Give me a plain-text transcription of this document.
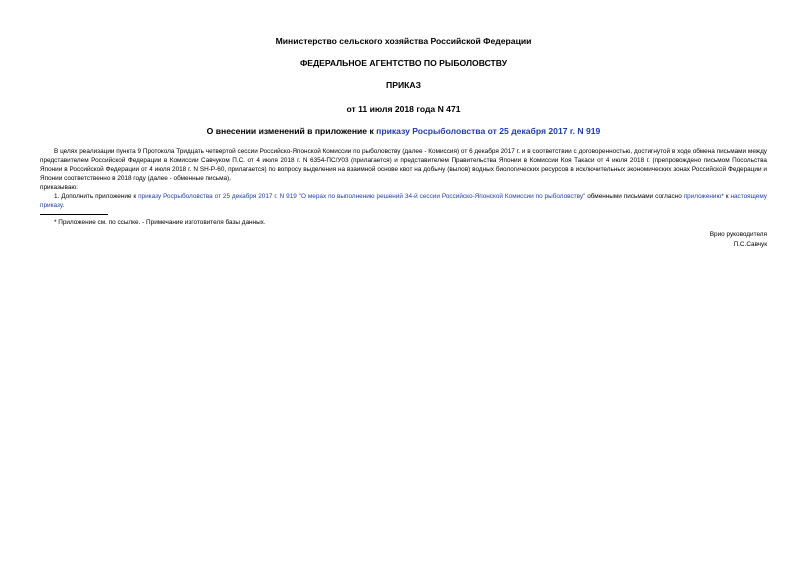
Министерство сельского хозяйства Российской Федерации
ФЕДЕРАЛЬНОЕ АГЕНТСТВО ПО РЫБОЛОВСТВУ
ПРИКАЗ
от 11 июля 2018 года N 471
О внесении изменений в приложение к приказу Росрыболовства от 25 декабря 2017 г. N 919

В целях реализации пункта 9 Протокола Тридцать четвертой сессии Российско-Японской Комиссии по рыболовству (далее - Комиссия) от 6 декабря 2017 г. и в соответствии с договоренностью, достигнутой в ходе обмена письмами между представителем Российской Федерации в Комиссии Савчуком П.С. от 4 июля 2018 г. N 6354-ПС/У03 (прилагается) и представителем Правительства Японии в Комиссии Коя Такаси от 4 июля 2018 г. (препровождено письмом Посольства Японии в Российской Федерации от 4 июля 2018 г. N SH-P-60, прилагается) по вопросу выделения на взаимной основе квот на добычу (вылов) водных биологических ресурсов в исключительных экономических зонах Российской Федерации и Японии соответственно в 2018 году (далее - обменные письма),

приказываю:

1. Дополнить приложение к приказу Росрыболовства от 25 декабря 2017 г. N 919 "О мерах по выполнению решений 34-й сессии Российско-Японской Комиссии по рыболовству" обменными письмами согласно приложению* к настоящему приказу.

* Приложение см. по ссылке. - Примечание изготовителя базы данных.
Врио руководителя
П.С.Савчук
